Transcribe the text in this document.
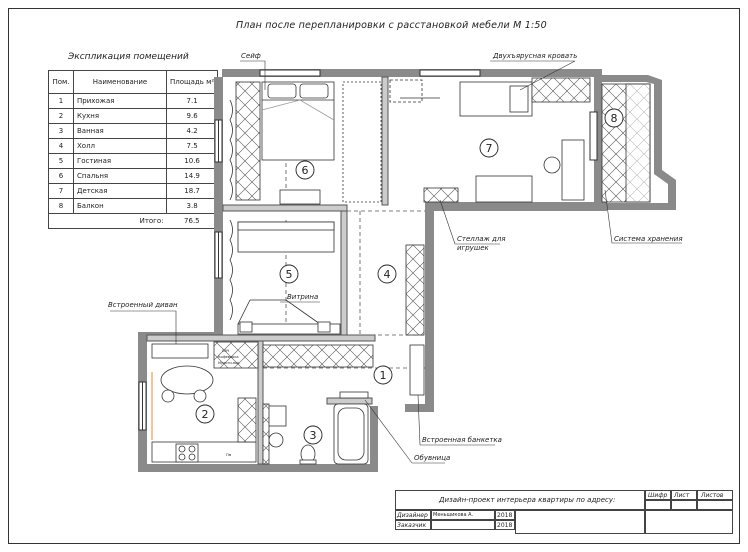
План после перепланировки с расстановкой мебели М 1:50
Экспликация помещений
Пом.	Наименование	Площадь м²
1	Прихожая	7.1
2	Кухня	9.6
3	Ванная	4.2
4	Холл	7.5
5	Гостиная	10.6
6	Спальня	14.9
7	Детская	18.7
8	Балкон	3.8
	Итого:	76.5
1
2
3
4
5
6
7
8
Сейф	Двухъярусная кровать
Система хранения
Стеллаж для
игрушек
Витрина
Встроенный диван
Встроенная банкетка
Обувница
СВЧ
Кофеварка
Мульти-вар.
Пм
Дизайн-проект интерьера квартиры по адресу:
Шифр Лист Листов
Дизайнер Меньшикова А.	2018
Заказчик	2018
